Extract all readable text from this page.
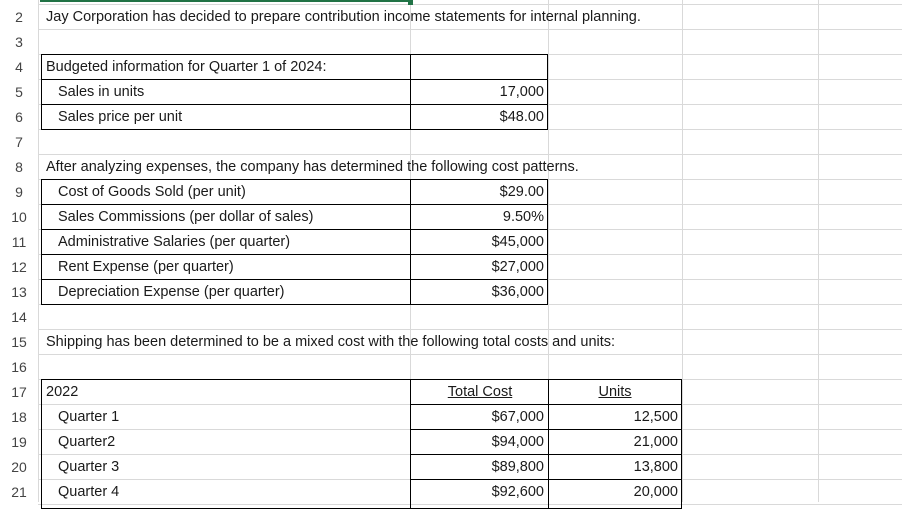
2
3
4
5
6
7
8
9
10
11
12
13
14
15
16
17
18
19
20
21
Jay Corporation has decided to prepare contribution income statements for internal planning.
Budgeted information for Quarter 1 of 2024:
Sales in units	17,000
Sales price per unit	$48.00
After analyzing expenses, the company has determined the following cost patterns.
Cost of Goods Sold (per unit)	$29.00
Sales Commissions (per dollar of sales)	9.50%
Administrative Salaries (per quarter)	$45,000
Rent Expense (per quarter)	$27,000
Depreciation Expense (per quarter)	$36,000
Shipping has been determined to be a mixed cost with the following total costs and units:
2022	Total Cost	Units
Quarter 1	$67,000	12,500
Quarter2	$94,000	21,000
Quarter 3	$89,800	13,800
Quarter 4	$92,600	20,000
